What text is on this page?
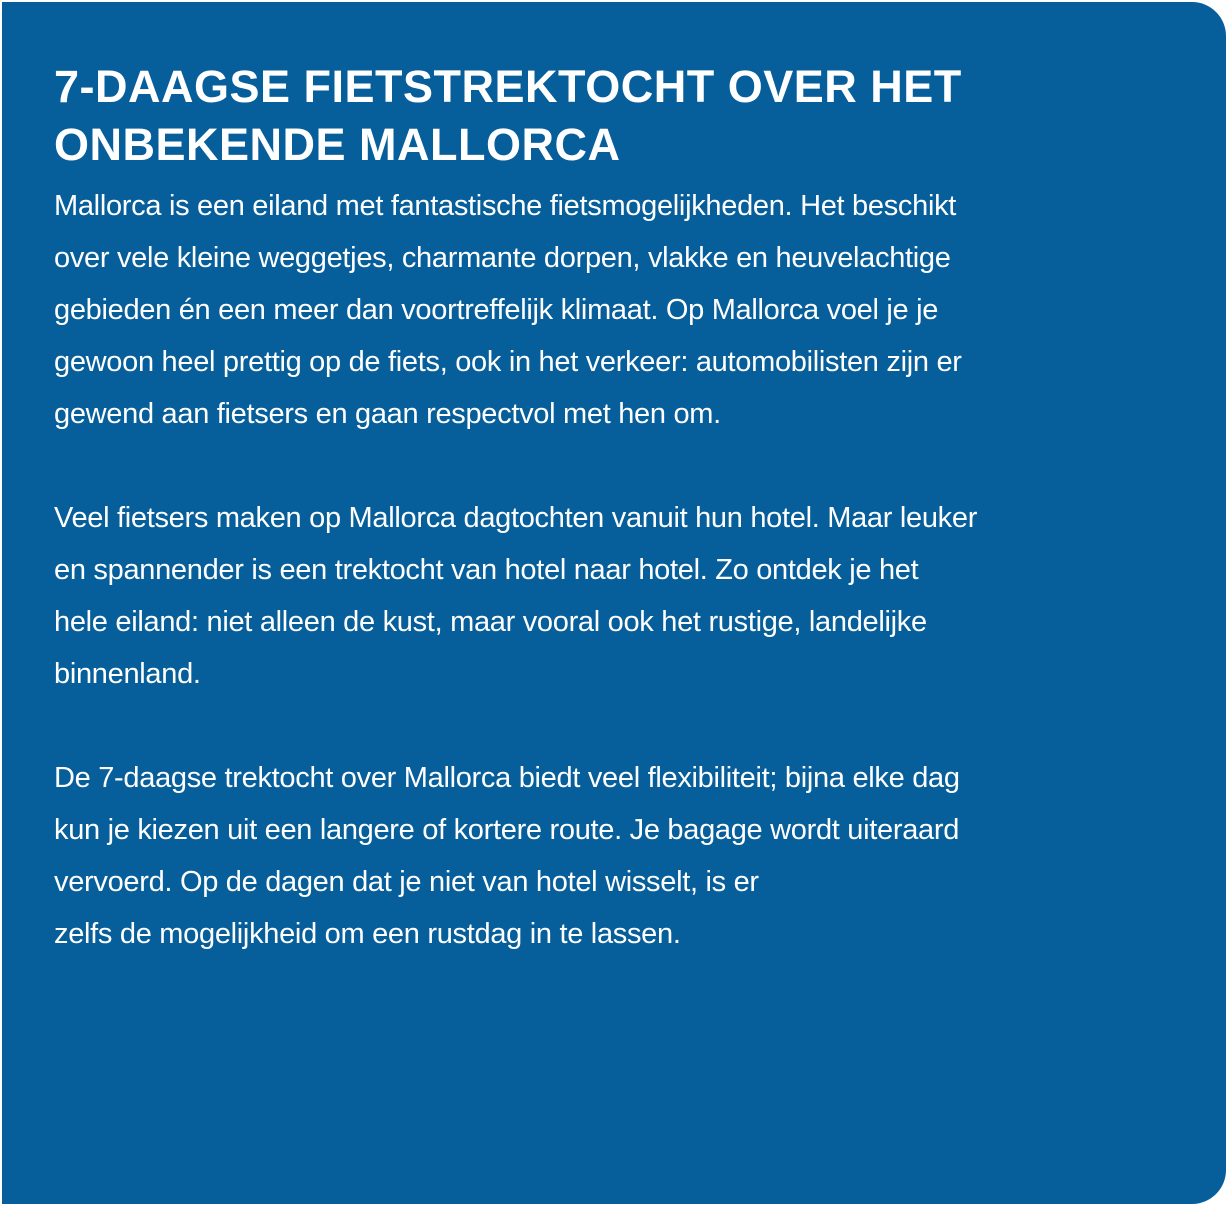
7-DAAGSE FIETSTREKTOCHT OVER HET
ONBEKENDE MALLORCA

Mallorca is een eiland met fantastische fietsmogelijkheden. Het beschikt
over vele kleine weggetjes, charmante dorpen, vlakke en heuvelachtige
gebieden én een meer dan voortreffelijk klimaat. Op Mallorca voel je je
gewoon heel prettig op de fiets, ook in het verkeer: automobilisten zijn er
gewend aan fietsers en gaan respectvol met hen om.

Veel fietsers maken op Mallorca dagtochten vanuit hun hotel. Maar leuker
en spannender is een trektocht van hotel naar hotel. Zo ontdek je het
hele eiland: niet alleen de kust, maar vooral ook het rustige, landelijke
binnenland.

De 7-daagse trektocht over Mallorca biedt veel flexibiliteit; bijna elke dag
kun je kiezen uit een langere of kortere route. Je bagage wordt uiteraard
vervoerd. Op de dagen dat je niet van hotel wisselt, is er
zelfs de mogelijkheid om een rustdag in te lassen.
